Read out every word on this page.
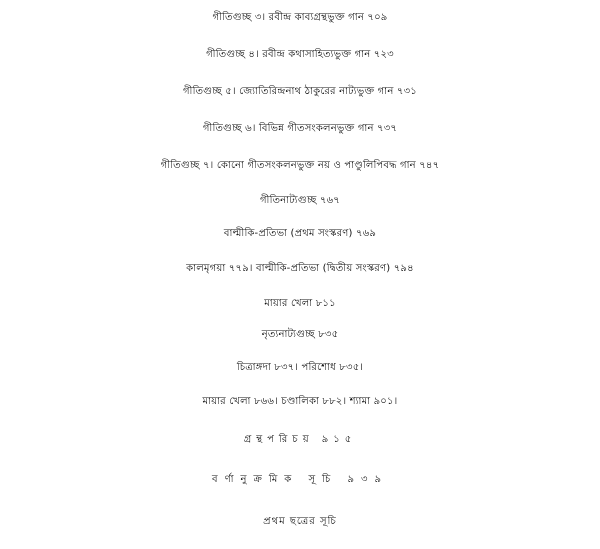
গীতিগুচ্ছ ৩। রবীন্দ্র কাব্যগ্রন্থভুক্ত গান ৭০৯
গীতিগুচ্ছ ৪। রবীন্দ্র কথাসাহিত্যভুক্ত গান ৭২৩
গীতিগুচ্ছ ৫। জ্যোতিরিন্দ্রনাথ ঠাকুরের নাট্যভুক্ত গান ৭৩১
গীতিগুচ্ছ ৬। বিভিন্ন গীতসংকলনভুক্ত গান ৭৩৭
গীতিগুচ্ছ ৭। কোনো গীতসংকলনভুক্ত নয় ও পাণ্ডুলিপিবদ্ধ গান ৭৪৭
গীতিনাট্যগুচ্ছ ৭৬৭
বাল্মীকি-প্রতিভা (প্রথম সংস্করণ) ৭৬৯
কালমৃগয়া ৭৭৯। বাল্মীকি-প্রতিভা (দ্বিতীয় সংস্করণ) ৭৯৪
মায়ার খেলা ৮১১
নৃত্যনাট্যগুচ্ছ ৮৩৫
চিত্রাঙ্গদা ৮৩৭। পরিশোধ ৮৩৫।
মায়ার খেলা ৮৬৬। চণ্ডালিকা ৮৮২। শ্যামা ৯০১।
গ্রন্থপরিচয় ৯১৫
বর্ণানুক্রমিক সূচি ৯৩৯
প্রথম ছত্রের সূচি
